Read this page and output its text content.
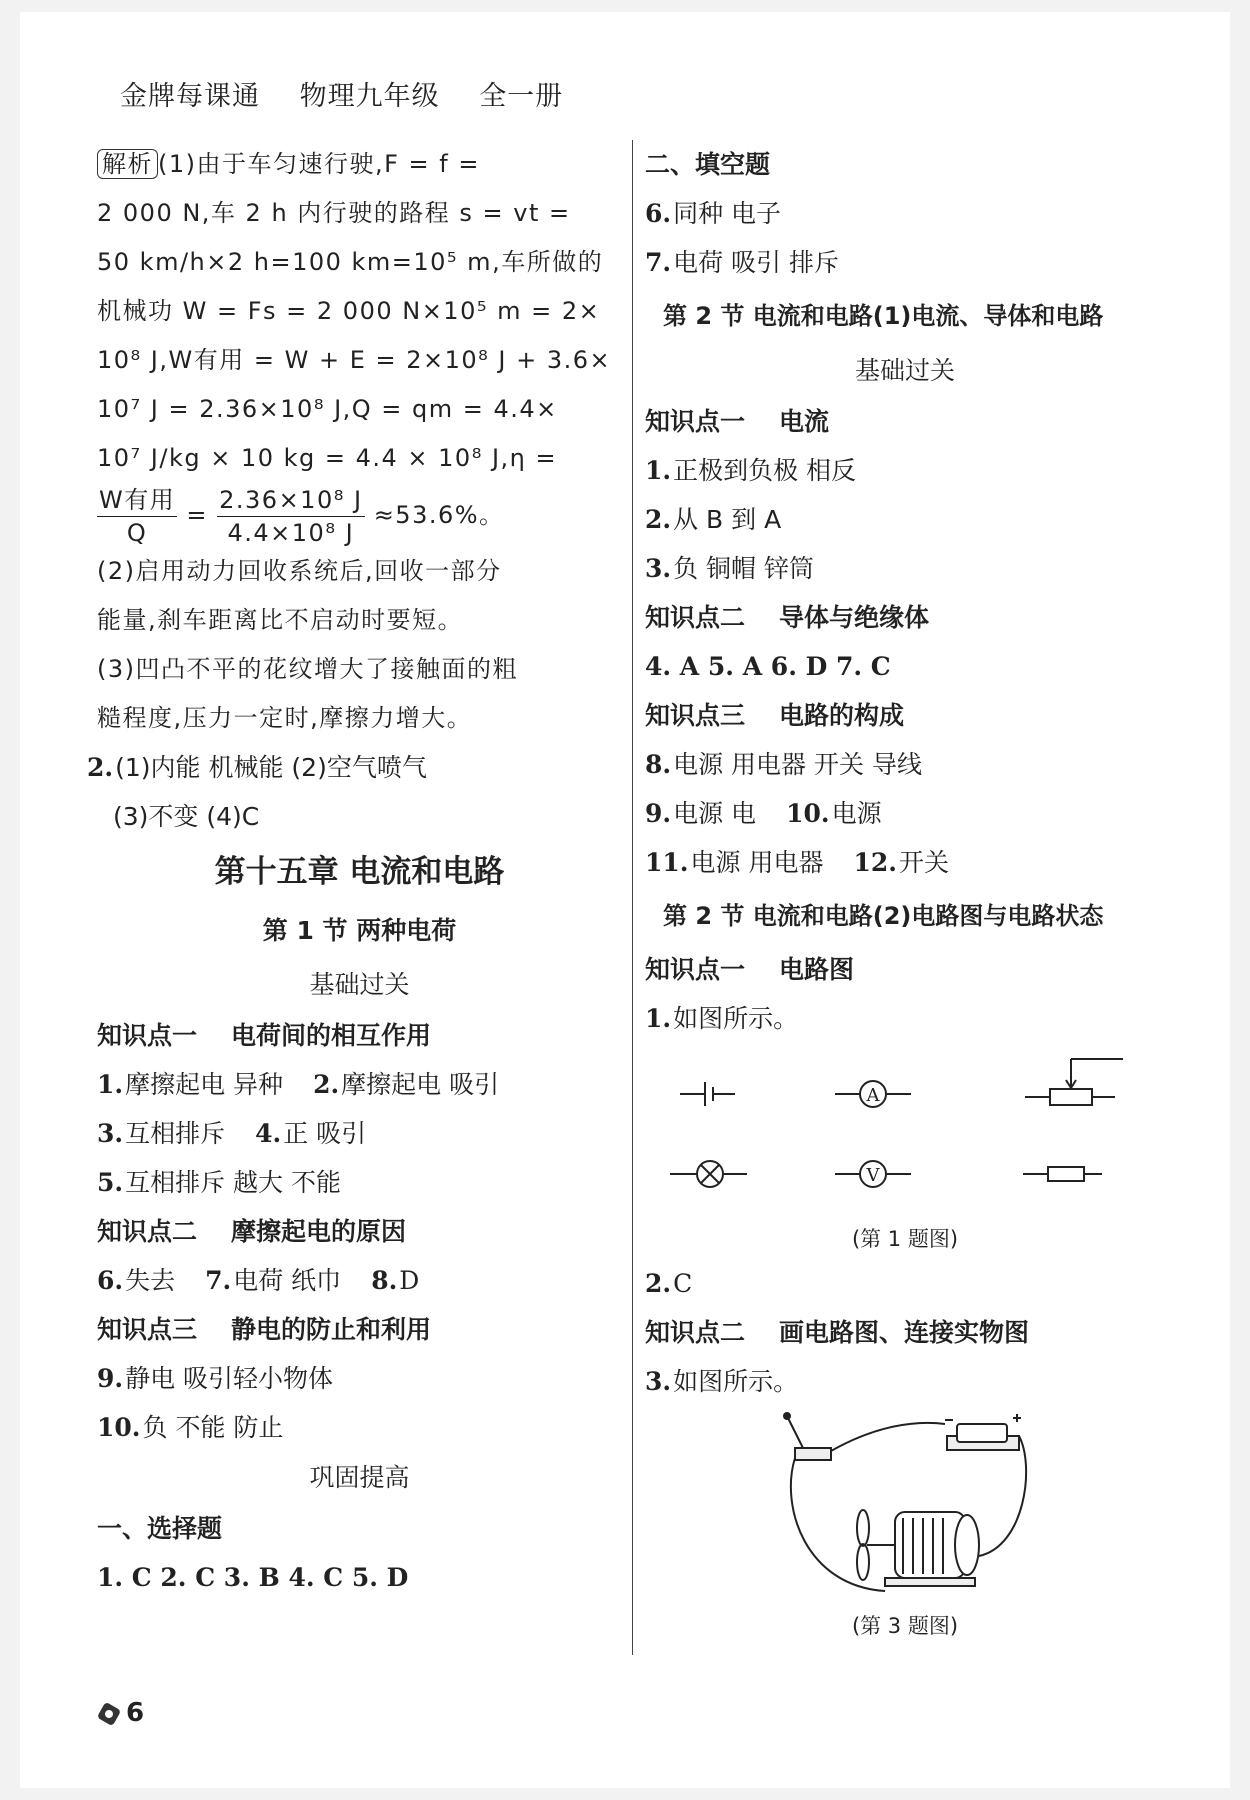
金牌每课通 物理九年级 全一册
解析 (1)由于车匀速行驶,F = f =
2 000 N,车 2 h 内行驶的路程 s = vt =
50 km/h×2 h=100 km=10⁵ m,车所做的
机械功 W = Fs = 2 000 N×10⁵ m = 2×
10⁸ J,W有用 = W + E = 2×10⁸ J + 3.6×
10⁷ J = 2.36×10⁸ J,Q = qm = 4.4×
10⁷ J/kg × 10 kg = 4.4 × 10⁸ J,η =
$\frac{\text{W有用}}{Q} = \frac{\text{2.36×10⁸ J}}{\text{4.4×10⁸ J}} \approx 53.6\%$。
(2)启用动力回收系统后,回收一部分
能量,刹车距离比不启动时要短。
(3)凹凸不平的花纹增大了接触面的粗
糙程度,压力一定时,摩擦力增大。
2.(1)内能 机械能 (2)空气喷气
(3)不变 (4)C
第十五章 电流和电路
第 1 节 两种电荷
基础过关
知识点一 电荷间的相互作用
1.摩擦起电 异种 2.摩擦起电 吸引
3.互相排斥 4.正 吸引
5.互相排斥 越大 不能
知识点二 摩擦起电的原因
6.失去 7.电荷 纸巾 8.D
知识点三 静电的防止和利用
9.静电 吸引轻小物体
10.负 不能 防止
巩固提高
一、选择题
1. C 2. C 3. B 4. C 5. D
二、填空题
6.同种 电子
7.电荷 吸引 排斥
第 2 节 电流和电路(1)电流、导体和电路
基础过关
知识点一 电流
1.正极到负极 相反
2.从 B 到 A
3.负 铜帽 锌筒
知识点二 导体与绝缘体
4. A 5. A 6. D 7. C
知识点三 电路的构成
8.电源 用电器 开关 导线
9.电源 电 10.电源
11.电源 用电器 12.开关
第 2 节 电流和电路(2)电路图与电路状态
知识点一 电路图
1.如图所示。
A
V
(第 1 题图)
2.C
知识点二 画电路图、连接实物图
3.如图所示。
(第 3 题图)
6
